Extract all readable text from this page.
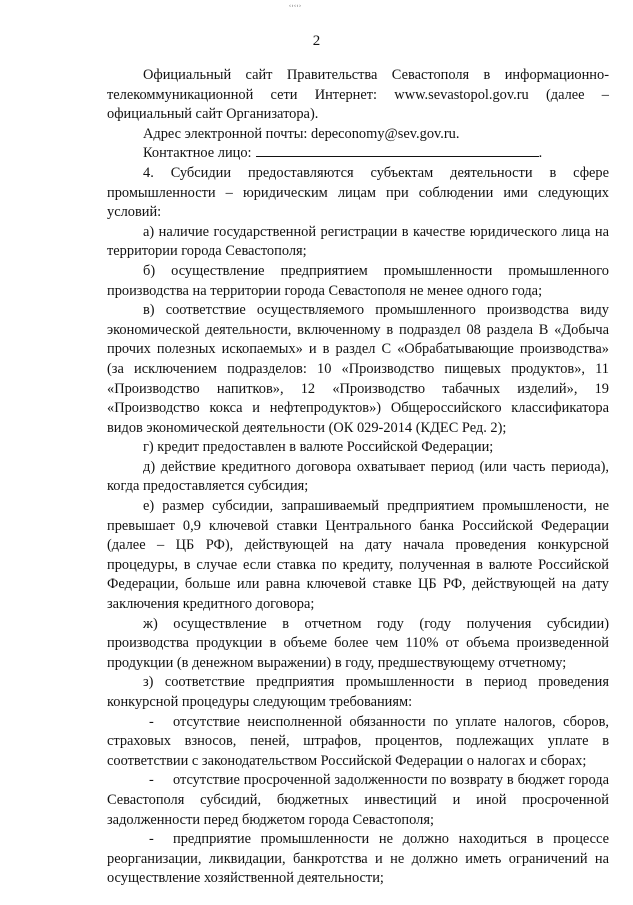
‹›‹‹›
2

Официальный сайт Правительства Севастополя в информационно-телекоммуникационной сети Интернет: www.sevastopol.gov.ru (далее – официальный сайт Организатора).

Адрес электронной почты: depeconomy@sev.gov.ru.

Контактное лицо:	.

4. Субсидии предоставляются субъектам деятельности в сфере промышленности – юридическим лицам при соблюдении ими следующих условий:

а) наличие государственной регистрации в качестве юридического лица на территории города Севастополя;

б) осуществление предприятием промышленности промышленного производства на территории города Севастополя не менее одного года;

в) соответствие осуществляемого промышленного производства виду экономической деятельности, включенному в подраздел 08 раздела В «Добыча прочих полезных ископаемых» и в раздел С «Обрабатывающие производства» (за исключением подразделов: 10 «Производство пищевых продуктов», 11 «Производство напитков», 12 «Производство табачных изделий», 19 «Производство кокса и нефтепродуктов») Общероссийского классификатора видов экономической деятельности (ОК 029-2014 (КДЕС Ред. 2);

г) кредит предоставлен в валюте Российской Федерации;

д) действие кредитного договора охватывает период (или часть периода), когда предоставляется субсидия;

е) размер субсидии, запрашиваемый предприятием промышлености, не превышает 0,9 ключевой ставки Центрального банка Российской Федерации (далее – ЦБ РФ), действующей на дату начала проведения конкурсной процедуры, в случае если ставка по кредиту, полученная в валюте Российской Федерации, больше или равна ключевой ставке ЦБ РФ, действующей на дату заключения кредитного договора;

ж) осуществление в отчетном году (году получения субсидии) производства продукции в объеме более чем 110% от объема произведенной продукции (в денежном выражении) в году, предшествующему отчетному;

з) соответствие предприятия промышленности в период проведения конкурсной процедуры следующим требованиям:

- отсутствие неисполненной обязанности по уплате налогов, сборов, страховых взносов, пеней, штрафов, процентов, подлежащих уплате в соответствии с законодательством Российской Федерации о налогах и сборах;

- отсутствие просроченной задолженности по возврату в бюджет города Севастополя субсидий, бюджетных инвестиций и иной просроченной задолженности перед бюджетом города Севастополя;

- предприятие промышленности не должно находиться в процессе реорганизации, ликвидации, банкротства и не должно иметь ограничений на осуществление хозяйственной деятельности;
